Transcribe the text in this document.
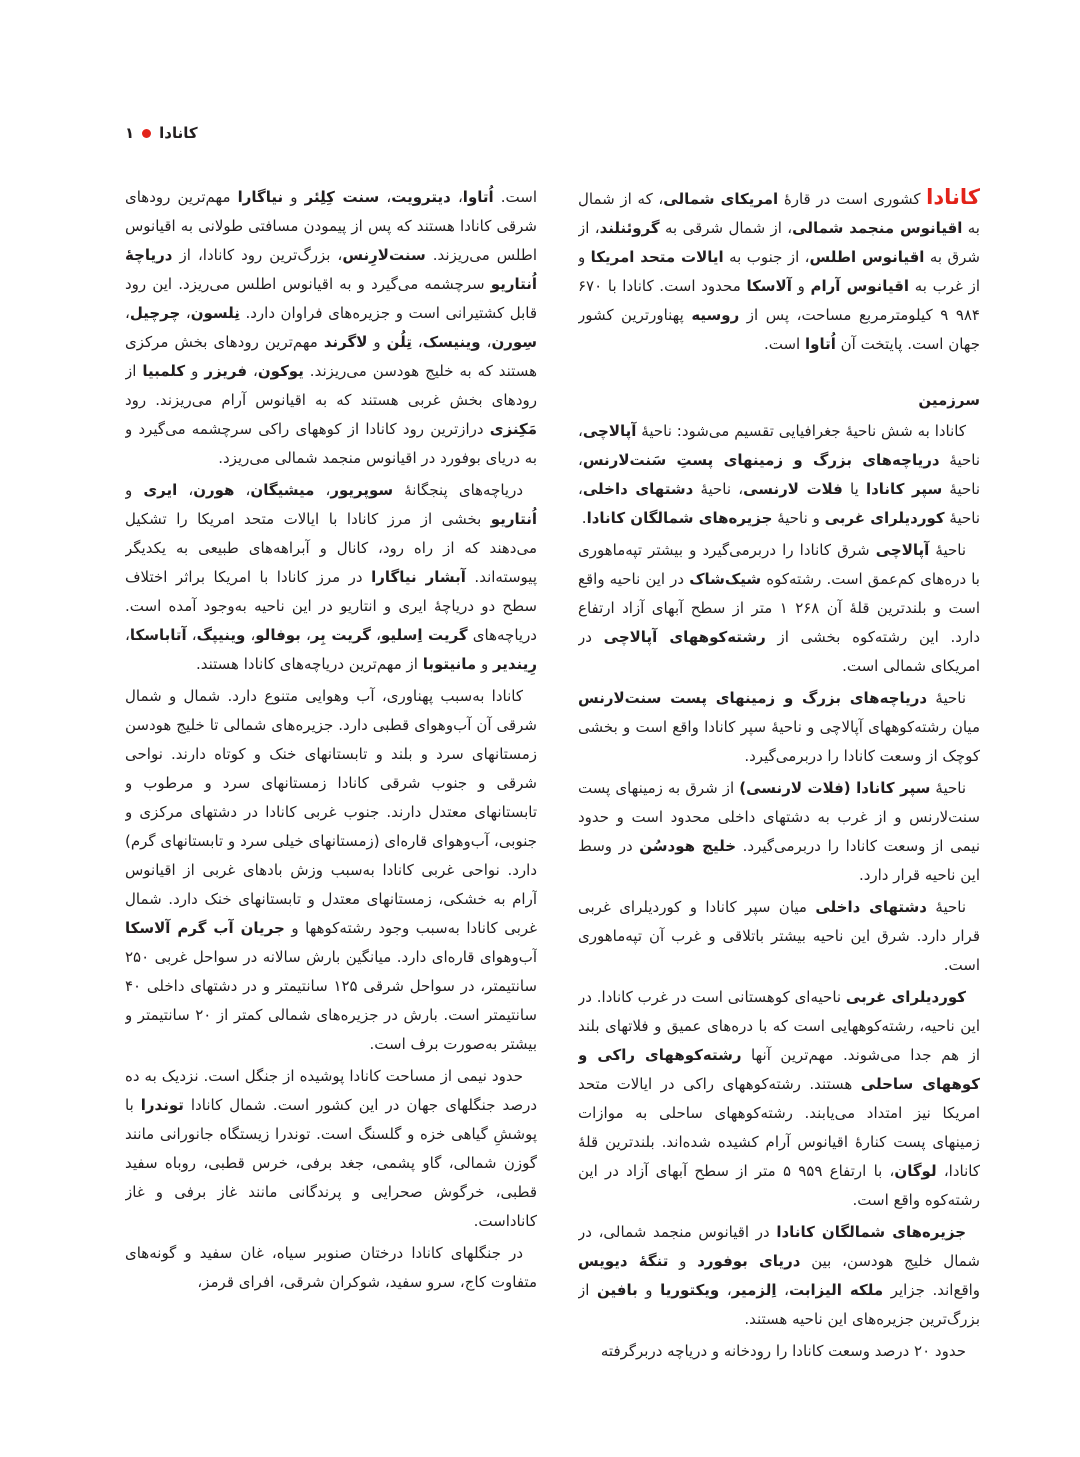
کانادا
۱

کانادا کشوری است در قارهٔ امریکای شمالی، که از شمال به اقیانوس منجمد شمالی، از شمال شرقی به گروئنلند، از شرق به اقیانوس اطلس، از جنوب به ایالات متحد امریکا و از غرب به اقیانوس آرام و آلاسکا محدود است. کانادا با ۶۷۰ ۹۸۴ ۹ کیلومترمربع مساحت، پس از روسیه پهناورترین کشور جهان است. پایتخت آن اُتاوا است.

سرزمین

کانادا به شش ناحیهٔ جغرافیایی تقسیم می‌شود: ناحیهٔ آپالاچی، ناحیهٔ دریاچه‌های بزرگ و زمینهای پستِ سَنت‌لارنس، ناحیهٔ سپر کانادا یا فلات لارنسی، ناحیهٔ دشتهای داخلی، ناحیهٔ کوردیلرای غربی و ناحیهٔ جزیره‌های شمالگان کانادا.

ناحیهٔ آپالاچی شرق کانادا را دربرمی‌گیرد و بیشتر تپه‌ماهوری با دره‌های کم‌عمق است. رشته‌کوه شیک‌شاک در این ناحیه واقع است و بلندترین قلهٔ آن ۲۶۸ ۱ متر از سطح آبهای آزاد ارتفاع دارد. این رشته‌کوه بخشی از رشته‌کوههای آپالاچی در امریکای شمالی است.

ناحیهٔ دریاچه‌های بزرگ و زمینهای پست سنت‌لارنس میان رشته‌کوههای آپالاچی و ناحیهٔ سپر کانادا واقع است و بخشی کوچک از وسعت کانادا را دربرمی‌گیرد.

ناحیهٔ سپر کانادا (فلات لارنسی) از شرق به زمینهای پست سنت‌لارنس و از غرب به دشتهای داخلی محدود است و حدود نیمی از وسعت کانادا را دربرمی‌گیرد. خلیج هودسُن در وسط این ناحیه قرار دارد.

ناحیهٔ دشتهای داخلی میان سپر کانادا و کوردیلرای غربی قرار دارد. شرق این ناحیه بیشتر باتلاقی و غرب آن تپه‌ماهوری است.

کوردیلرای غربی ناحیه‌ای کوهستانی است در غرب کانادا. در این ناحیه، رشته‌کوههایی است که با دره‌های عمیق و فلاتهای بلند از هم جدا می‌شوند. مهم‌ترین آنها رشته‌کوههای راکی و کوههای ساحلی هستند. رشته‌کوههای راکی در ایالات متحد امریکا نیز امتداد می‌یابند. رشته‌کوههای ساحلی به موازات زمینهای پست کنارهٔ اقیانوس آرام کشیده شده‌اند. بلندترین قلهٔ کانادا، لوگان، با ارتفاع ۹۵۹ ۵ متر از سطح آبهای آزاد در این رشته‌کوه واقع است.

جزیره‌های شمالگان کانادا در اقیانوس منجمد شمالی، در شمال خلیج هودسن، بین دریای بوفورد و تنگهٔ دیویس واقع‌اند. جزایر ملکه الیزابت، اِلزمیر، ویکتوریا و بافین از بزرگ‌ترین جزیره‌های این ناحیه هستند.

حدود ۲۰ درصد وسعت کانادا را رودخانه و دریاچه دربرگرفته

است. اُتاوا، دیترویت، سنت کِلِئر و نیاگارا مهم‌ترین رودهای شرقی کانادا هستند که پس از پیمودن مسافتی طولانی به اقیانوس اطلس می‌ریزند. سنت‌لارِنس، بزرگ‌ترین رود کانادا، از دریاچهٔ اُنتاریو سرچشمه می‌گیرد و به اقیانوس اطلس می‌ریزد. این رود قابل کشتیرانی است و جزیره‌های فراوان دارد. نِلسون، چرچیل، سِورن، وینیسک، تِلُن و لاگرند مهم‌ترین رودهای بخش مرکزی هستند که به خلیج هودسن می‌ریزند. یوکون، فریزر و کلمبیا از رودهای بخش غربی هستند که به اقیانوس آرام می‌ریزند. رود مَکِنزی درازترین رود کانادا از کوههای راکی سرچشمه می‌گیرد و به دریای بوفورد در اقیانوس منجمد شمالی می‌ریزد.

دریاچه‌های پنجگانهٔ سوپریور، میشیگان، هورن، ایری و اُنتاریو بخشی از مرز کانادا با ایالات متحد امریکا را تشکیل می‌دهند که از راه رود، کانال و آبراهه‌های طبیعی به یکدیگر پیوسته‌اند. آبشار نیاگارا در مرز کانادا با امریکا براثر اختلاف سطح دو دریاچهٔ ایری و انتاریو در این ناحیه به‌وجود آمده است. دریاچه‌های گریت اِسلیو، گریت بِر، بوفالو، وینیپگ، آتاباسکا، رِیندیر و مانیتوبا از مهم‌ترین دریاچه‌های کانادا هستند.

کانادا به‌سبب پهناوری، آب وهوایی متنوع دارد. شمال و شمال شرقی آن آب‌وهوای قطبی دارد. جزیره‌های شمالی تا خلیج هودسن زمستانهای سرد و بلند و تابستانهای خنک و کوتاه دارند. نواحی شرقی و جنوب شرقی کانادا زمستانهای سرد و مرطوب و تابستانهای معتدل دارند. جنوب غربی کانادا در دشتهای مرکزی و جنوبی، آب‌وهوای قاره‌ای (زمستانهای خیلی سرد و تابستانهای گرم) دارد. نواحی غربی کانادا به‌سبب وزش بادهای غربی از اقیانوس آرام به خشکی، زمستانهای معتدل و تابستانهای خنک دارد. شمال غربی کانادا به‌سبب وجود رشته‌کوهها و جریان آب گرم آلاسکا آب‌وهوای قاره‌ای دارد. میانگین بارش سالانه در سواحل غربی ۲۵۰ سانتیمتر، در سواحل شرقی ۱۲۵ سانتیمتر و در دشتهای داخلی ۴۰ سانتیمتر است. بارش در جزیره‌های شمالی کمتر از ۲۰ سانتیمتر و بیشتر به‌صورت برف است.

حدود نیمی از مساحت کانادا پوشیده از جنگل است. نزدیک به ده درصد جنگلهای جهان در این کشور است. شمال کانادا توندرا با پوششِ گیاهی خزه و گلسنگ است. توندرا زیستگاه جانورانی مانند گوزن شمالی، گاو پشمی، جغد برفی، خرس قطبی، روباه سفید قطبی، خرگوش صحرایی و پرندگانی مانند غاز برفی و غاز کاناداست.

در جنگلهای کانادا درختان صنوبر سیاه، غان سفید و گونه‌های متفاوت کاج، سرو سفید، شوکران شرقی، افرای قرمز،
